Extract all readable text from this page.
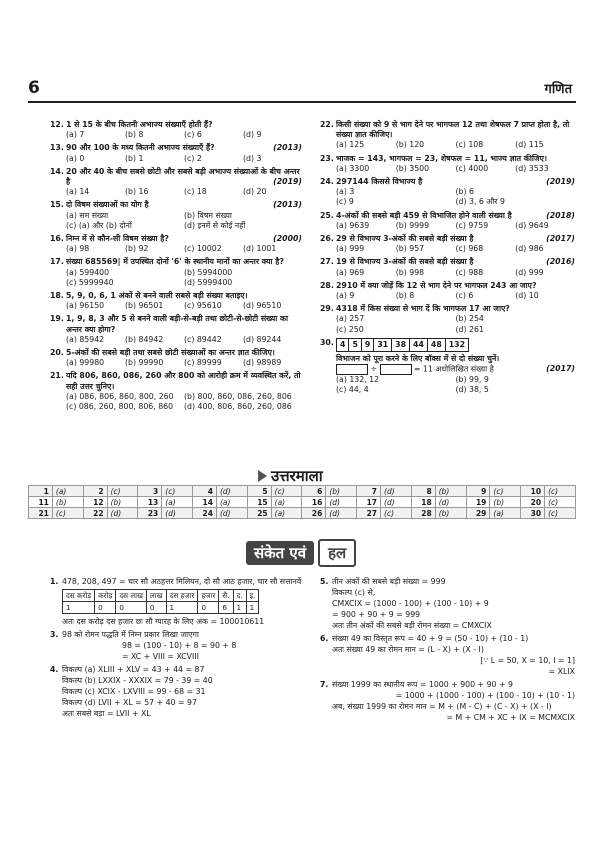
6	गणित
12. 1 से 15 के बीच कितनी अभाज्य संख्याएँ होती हैं?
(a) 7	(b) 8	(c) 6	(d) 9
13. 90 और 100 के मध्य कितनी अभाज्य संख्याएँ हैं?	(2013)
(a) 0	(b) 1	(c) 2	(d) 3
14. 20 और 40 के बीच सबसे छोटी और सबसे बड़ी अभाज्य संख्याओं के बीच अन्तर है	(2019)
(a) 14	(b) 16	(c) 18	(d) 20
15. दो विषम संख्याओं का योग है	(2013)
(a) सम संख्या	(b) विषम संख्या
(c) (a) और (b) दोनों	(d) इनमें से कोई नहीं
16. निम्न में से कौन-सी विषम संख्या है?	(2000)
(a) 98	(b) 92	(c) 10002	(d) 1001
17. संख्या 685569| में उपस्थित दोनों '6' के स्थानीय मानों का अन्तर क्या है?
(a) 599400	(b) 5994000
(c) 5999940	(d) 5999400
18. 5, 9, 0, 6, 1 अंकों से बनने वाली सबसे बड़ी संख्या बताइए।
(a) 96150	(b) 96501	(c) 95610	(d) 96510
19. 1, 9, 8, 3 और 5 से बनने वाली बड़ी-से-बड़ी तथा छोटी-से-छोटी संख्या का अन्तर क्या होगा?
(a) 85942	(b) 84942	(c) 89442	(d) 89244
20. 5-अंकों की सबसे बड़ी तथा सबसे छोटी संख्याओं का अन्तर ज्ञात कीजिए।
(a) 99980	(b) 99990	(c) 89999	(d) 98989
21. यदि 806, 860, 086, 260 और 800 को आरोही क्रम में व्यवस्थित करें, तो सही उत्तर चुनिए।
(a) 086, 806, 860, 800, 260	(b) 800, 860, 086, 260, 806
(c) 086, 260, 800, 806, 860	(d) 400, 806, 860, 260, 086
22. किसी संख्या को 9 से भाग देने पर भागफल 12 तथा शेषफल 7 प्राप्त होता है, तो संख्या ज्ञात कीजिए।
(a) 125	(b) 120	(c) 108	(d) 115
23. भाजक = 143, भागफल = 23, शेषफल = 11, भाज्य ज्ञात कीजिए।
(a) 3300	(b) 3500	(c) 4000	(d) 3533
24. 297144 किससे विभाज्य है	(2019)
(a) 3	(b) 6
(c) 9	(d) 3, 6 और 9
25. 4-अंकों की सबसे बड़ी 459 से विभाजित होने वाली संख्या है	(2018)
(a) 9639	(b) 9999	(c) 9759	(d) 9649
26. 29 से विभाज्य 3-अंकों की सबसे बड़ी संख्या है	(2017)
(a) 999	(b) 957	(c) 968	(d) 986
27. 19 से विभाज्य 3-अंकों की सबसे बड़ी संख्या है	(2016)
(a) 969	(b) 998	(c) 988	(d) 999
28. 2910 में क्या जोड़ें कि 12 से भाग देने पर भागफल 243 आ जाए?
(a) 9	(b) 8	(c) 6	(d) 10
29. 4318 में किस संख्या से भाग दें कि भागफल 17 आ जाए?
(a) 257	(b) 254
(c) 250	(d) 261
30. 4 5 9 31 38 44 48 132
विभाजन को पूरा करने के लिए बॉक्स में से दो संख्या चुनें।
÷	= 11 अधोलिखित संख्या है	(2017)
(a) 132, 12	(b) 99, 9
(c) 44, 4	(d) 38, 5
उत्तरमाला
1	(a)	2	(c)	3	(c)	4	(d)	5	(c)	6	(b)	7	(d)	8	(b)	9	(c)	10	(c)
11	(b)	12	(b)	13	(a)	14	(a)	15	(a)	16	(d)	17	(d)	18	(d)	19	(b)	20	(c)
21	(c)	22	(d)	23	(d)	24	(d)	25	(a)	26	(d)	27	(c)	28	(b)	29	(a)	30	(c)
संकेत एवं	हल
1. 478, 208, 497 = चार सौ अठहत्तर मिलियन, दो सौ आठ हजार, चार सौ सत्तानवें
दस करोड़	करोड़	दस लाख	लाख	दस हजार	हजार	सै.	द.	इ.
1	0	0	0	1	0	6	1	1
अतः दस करोड़ दस हजार छः सौ ग्यारह के लिए अंक = 100010611
3. 98 को रोमन पद्धति में निम्न प्रकार लिखा जाएगा
98 = (100 - 10) + 8 = 90 + 8
= XC + VIII = XCVIII
4. विकल्प (a) XLIII + XLV = 43 + 44 = 87
विकल्प (b) LXXIX - XXXIX = 79 - 39 = 40
विकल्प (c) XCIX - LXVIII = 99 - 68 = 31
विकल्प (d) LVII + XL = 57 + 40 = 97
अतः सबसे बड़ा = LVII + XL
5. तीन अंकों की सबसे बड़ी संख्या = 999
विकल्प (c) से,
CMXCIX = (1000 - 100) + (100 - 10) + 9
= 900 + 90 + 9 = 999
अतः तीन अंकों की सबसे बड़ी रोमन संख्या = CMXCIX
6. संख्या 49 का विस्तृत रूप = 40 + 9 = (50 - 10) + (10 - 1)
अतः संख्या 49 का रोमन मान = (L - X) + (X - I)
[∵ L = 50, X = 10, I = 1]
= XLIX
7. संख्या 1999 का स्थानीय रूप = 1000 + 900 + 90 + 9
= 1000 + (1000 - 100) + (100 - 10) + (10 - 1)
अब, संख्या 1999 का रोमन मान = M + (M - C) + (C - X) + (X - I)
= M + CM + XC + IX = MCMXCIX
